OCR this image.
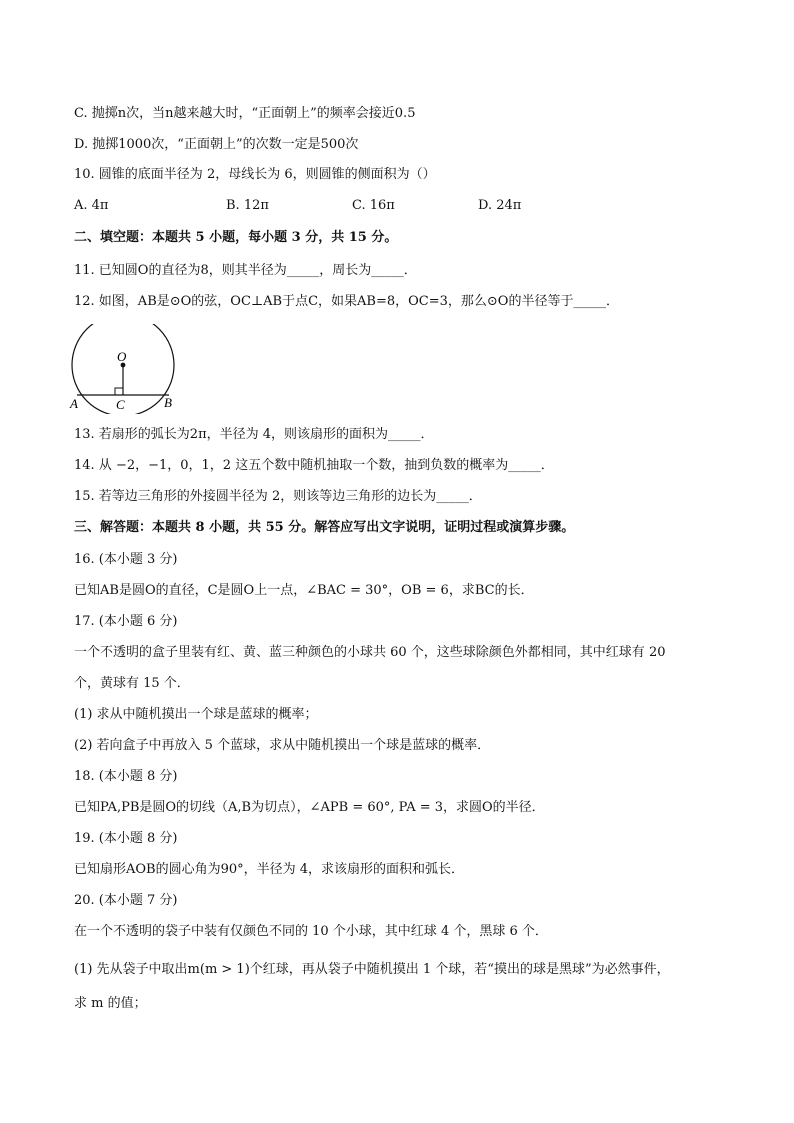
C. 抛掷n次，当n越来越大时，“正面朝上”的频率会接近0.5
D. 抛掷1000次，“正面朝上”的次数一定是500次
10. 圆锥的底面半径为 2，母线长为 6，则圆锥的侧面积为（）
A. 4π	B. 12π	C. 16π	D. 24π
二、填空题：本题共 5 小题，每小题 3 分，共 15 分。
11. 已知圆O的直径为8，则其半径为_____，周长为_____．
12. 如图，AB是⊙O的弦，OC⊥AB于点C，如果AB=8，OC=3，那么⊙O的半径等于_____．
O
A	C	B
13. 若扇形的弧长为2π，半径为 4，则该扇形的面积为_____．
14. 从 −2，−1，0，1，2 这五个数中随机抽取一个数，抽到负数的概率为_____．
15. 若等边三角形的外接圆半径为 2，则该等边三角形的边长为_____．
三、解答题：本题共 8 小题，共 55 分。解答应写出文字说明，证明过程或演算步骤。
16. (本小题 3 分)
已知AB是圆O的直径，C是圆O上一点，∠BAC = 30°，OB = 6，求BC的长．
17. (本小题 6 分)
一个不透明的盒子里装有红、黄、蓝三种颜色的小球共 60 个，这些球除颜色外都相同，其中红球有 20
个，黄球有 15 个．
(1) 求从中随机摸出一个球是蓝球的概率；
(2) 若向盒子中再放入 5 个蓝球，求从中随机摸出一个球是蓝球的概率．
18. (本小题 8 分)
已知PA,PB是圆O的切线（A,B为切点），∠APB = 60°, PA = 3，求圆O的半径．
19. (本小题 8 分)
已知扇形AOB的圆心角为90°，半径为 4，求该扇形的面积和弧长．
20. (本小题 7 分)
在一个不透明的袋子中装有仅颜色不同的 10 个小球，其中红球 4 个，黑球 6 个．
(1) 先从袋子中取出m(m > 1)个红球，再从袋子中随机摸出 1 个球，若“摸出的球是黑球”为必然事件，
求 m 的值；
